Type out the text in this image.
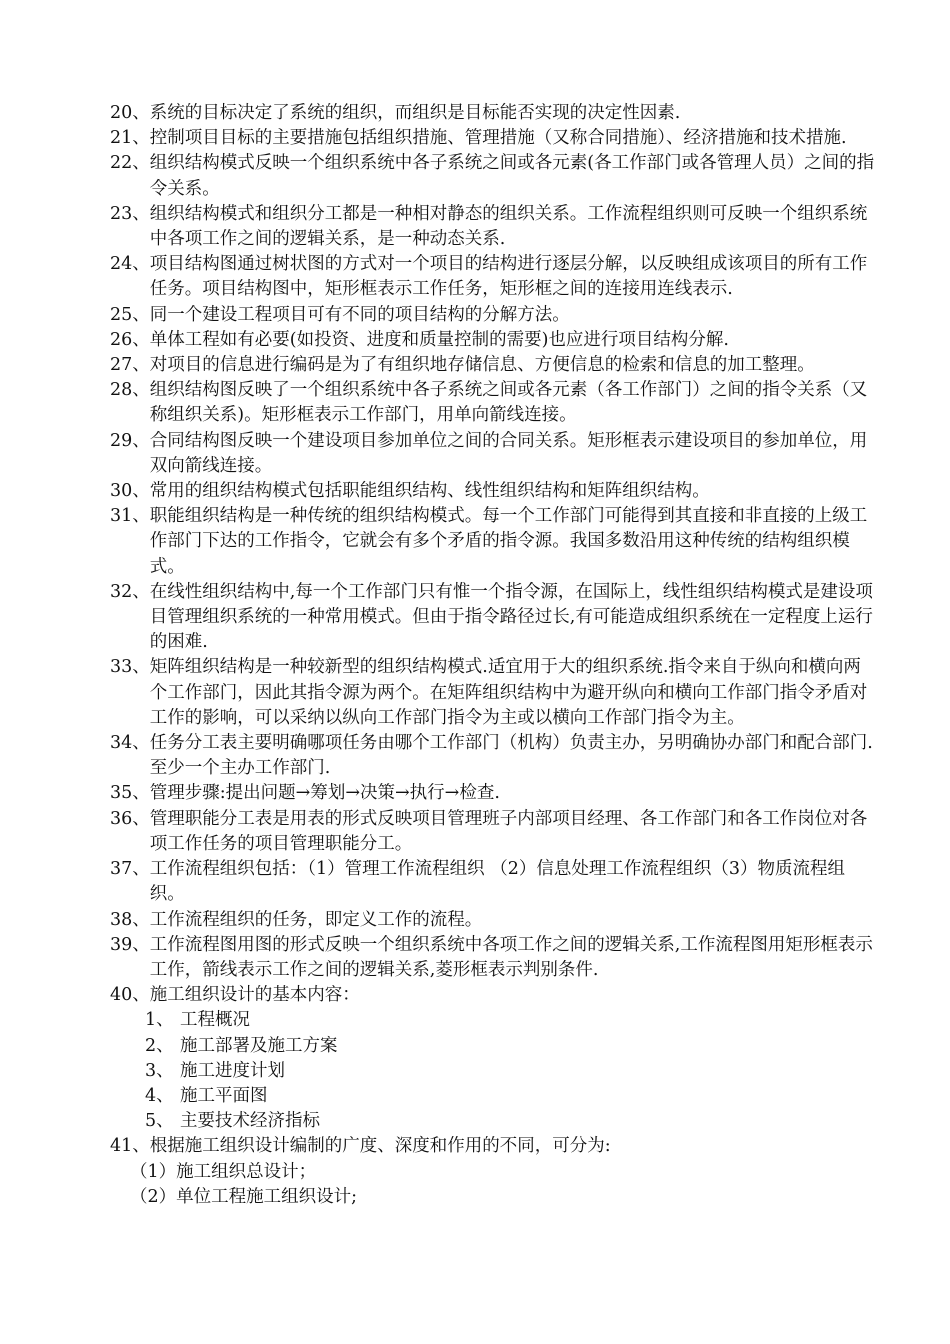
20、 系统的目标决定了系统的组织，而组织是目标能否实现的决定性因素.
21、 控制项目目标的主要措施包括组织措施、管理措施（又称合同措施）、经济措施和技术措施.
22、 组织结构模式反映一个组织系统中各子系统之间或各元素(各工作部门或各管理人员）之间的指令关系。
23、 组织结构模式和组织分工都是一种相对静态的组织关系。工作流程组织则可反映一个组织系统中各项工作之间的逻辑关系，是一种动态关系.
24、 项目结构图通过树状图的方式对一个项目的结构进行逐层分解，以反映组成该项目的所有工作任务。项目结构图中，矩形框表示工作任务，矩形框之间的连接用连线表示.
25、 同一个建设工程项目可有不同的项目结构的分解方法。
26、 单体工程如有必要(如投资、进度和质量控制的需要)也应进行项目结构分解.
27、 对项目的信息进行编码是为了有组织地存储信息、方便信息的检索和信息的加工整理。
28、 组织结构图反映了一个组织系统中各子系统之间或各元素（各工作部门）之间的指令关系（又称组织关系)。矩形框表示工作部门，用单向箭线连接。
29、 合同结构图反映一个建设项目参加单位之间的合同关系。矩形框表示建设项目的参加单位，用双向箭线连接。
30、 常用的组织结构模式包括职能组织结构、线性组织结构和矩阵组织结构。
31、 职能组织结构是一种传统的组织结构模式。每一个工作部门可能得到其直接和非直接的上级工作部门下达的工作指令，它就会有多个矛盾的指令源。我国多数沿用这种传统的结构组织模式。
32、 在线性组织结构中,每一个工作部门只有惟一个指令源，在国际上，线性组织结构模式是建设项目管理组织系统的一种常用模式。但由于指令路径过长,有可能造成组织系统在一定程度上运行的困难.
33、 矩阵组织结构是一种较新型的组织结构模式.适宜用于大的组织系统.指令来自于纵向和横向两个工作部门，因此其指令源为两个。在矩阵组织结构中为避开纵向和横向工作部门指令矛盾对工作的影响，可以采纳以纵向工作部门指令为主或以横向工作部门指令为主。
34、 任务分工表主要明确哪项任务由哪个工作部门（机构）负责主办，另明确协办部门和配合部门.至少一个主办工作部门.
35、 管理步骤:提出问题→筹划→决策→执行→检查.
36、 管理职能分工表是用表的形式反映项目管理班子内部项目经理、各工作部门和各工作岗位对各项工作任务的项目管理职能分工。
37、 工作流程组织包括：（1）管理工作流程组织 （2）信息处理工作流程组织（3）物质流程组织。
38、 工作流程组织的任务，即定义工作的流程。
39、 工作流程图用图的形式反映一个组织系统中各项工作之间的逻辑关系,工作流程图用矩形框表示工作，箭线表示工作之间的逻辑关系,菱形框表示判别条件.
40、 施工组织设计的基本内容：
1、 工程概况
2、 施工部署及施工方案
3、 施工进度计划
4、 施工平面图
5、 主要技术经济指标
41、 根据施工组织设计编制的广度、深度和作用的不同，可分为:
（1）施工组织总设计；
（2）单位工程施工组织设计;
